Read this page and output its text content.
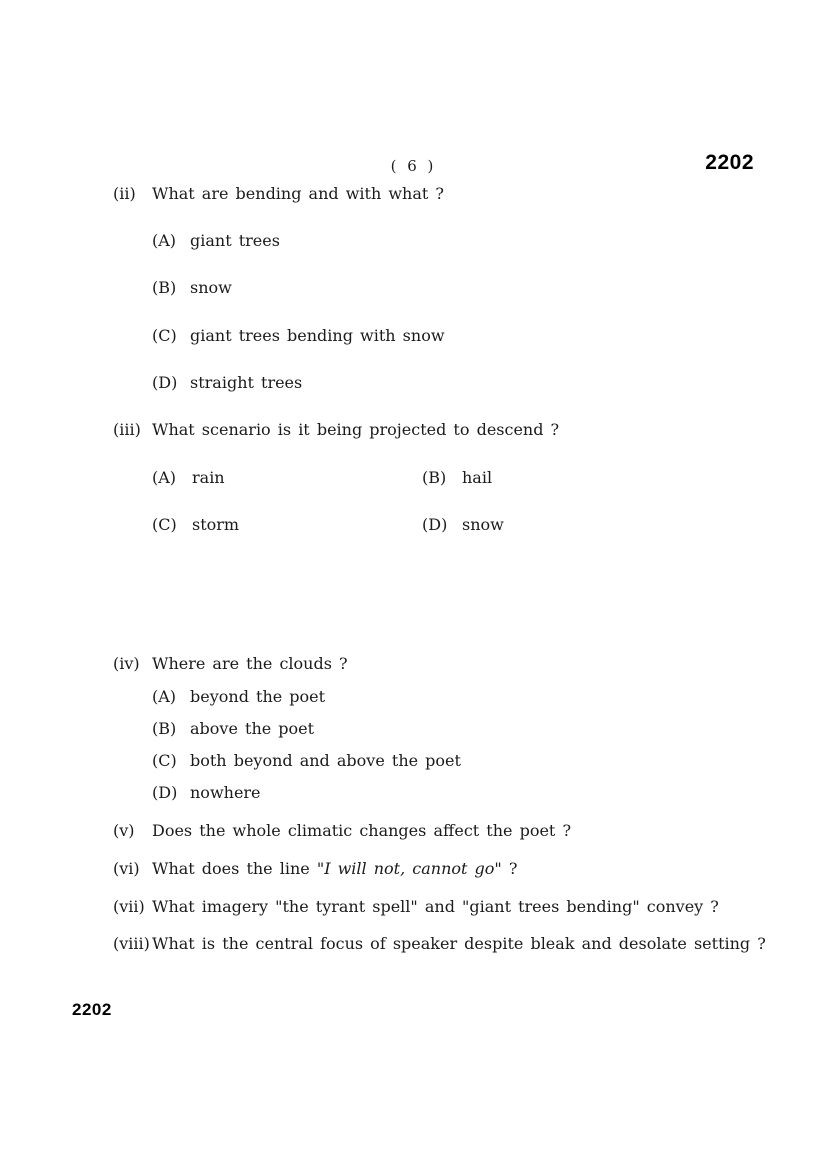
( 6 )	2202
(ii) What are bending and with what ?
(A) giant trees
(B) snow
(C) giant trees bending with snow
(D) straight trees
(iii) What scenario is it being projected to descend ?
(A) rain	(B) hail
(C) storm	(D) snow
(iv) Where are the clouds ?
(A) beyond the poet
(B) above the poet
(C) both beyond and above the poet
(D) nowhere
(v) Does the whole climatic changes affect the poet ?
(vi) What does the line "I will not, cannot go" ?
(vii) What imagery "the tyrant spell" and "giant trees bending" convey ?
(viii) What is the central focus of speaker despite bleak and desolate setting ?
2202
